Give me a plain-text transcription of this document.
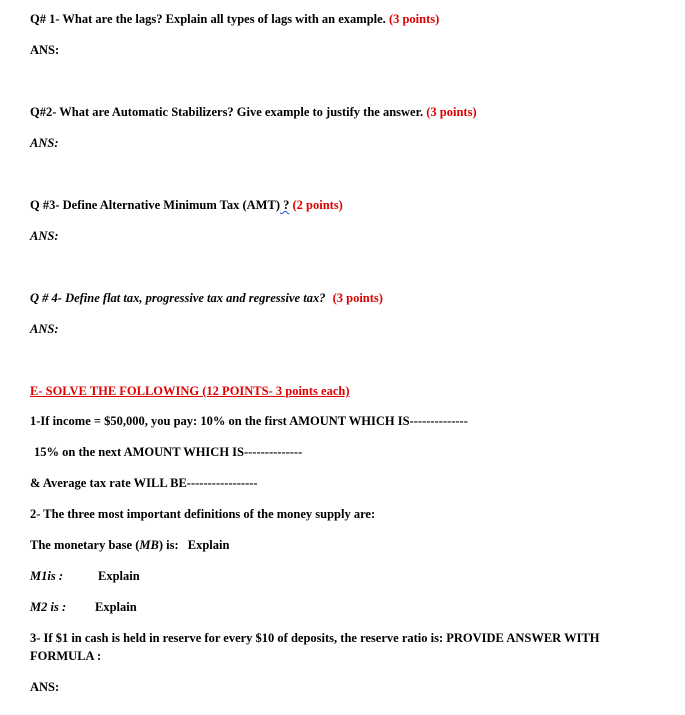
Q# 1- What are the lags? Explain all types of lags with an example. (3 points)
ANS:
Q#2- What are Automatic Stabilizers? Give example to justify the answer. (3 points)
ANS:
Q #3- Define Alternative Minimum Tax (AMT) ? (2 points)
ANS:
Q # 4- Define flat tax, progressive tax and regressive tax? (3 points)
ANS:
E- SOLVE THE FOLLOWING (12 POINTS- 3 points each)
1-If income = $50,000, you pay: 10% on the first AMOUNT WHICH IS--------------
15% on the next AMOUNT WHICH IS--------------
& Average tax rate WILL BE-----------------
2- The three most important definitions of the money supply are:
The monetary base (MB) is: Explain
M1is :	Explain
M2 is : Explain
3- If $1 in cash is held in reserve for every $10 of deposits, the reserve ratio is: PROVIDE ANSWER WITH
FORMULA :
ANS:
